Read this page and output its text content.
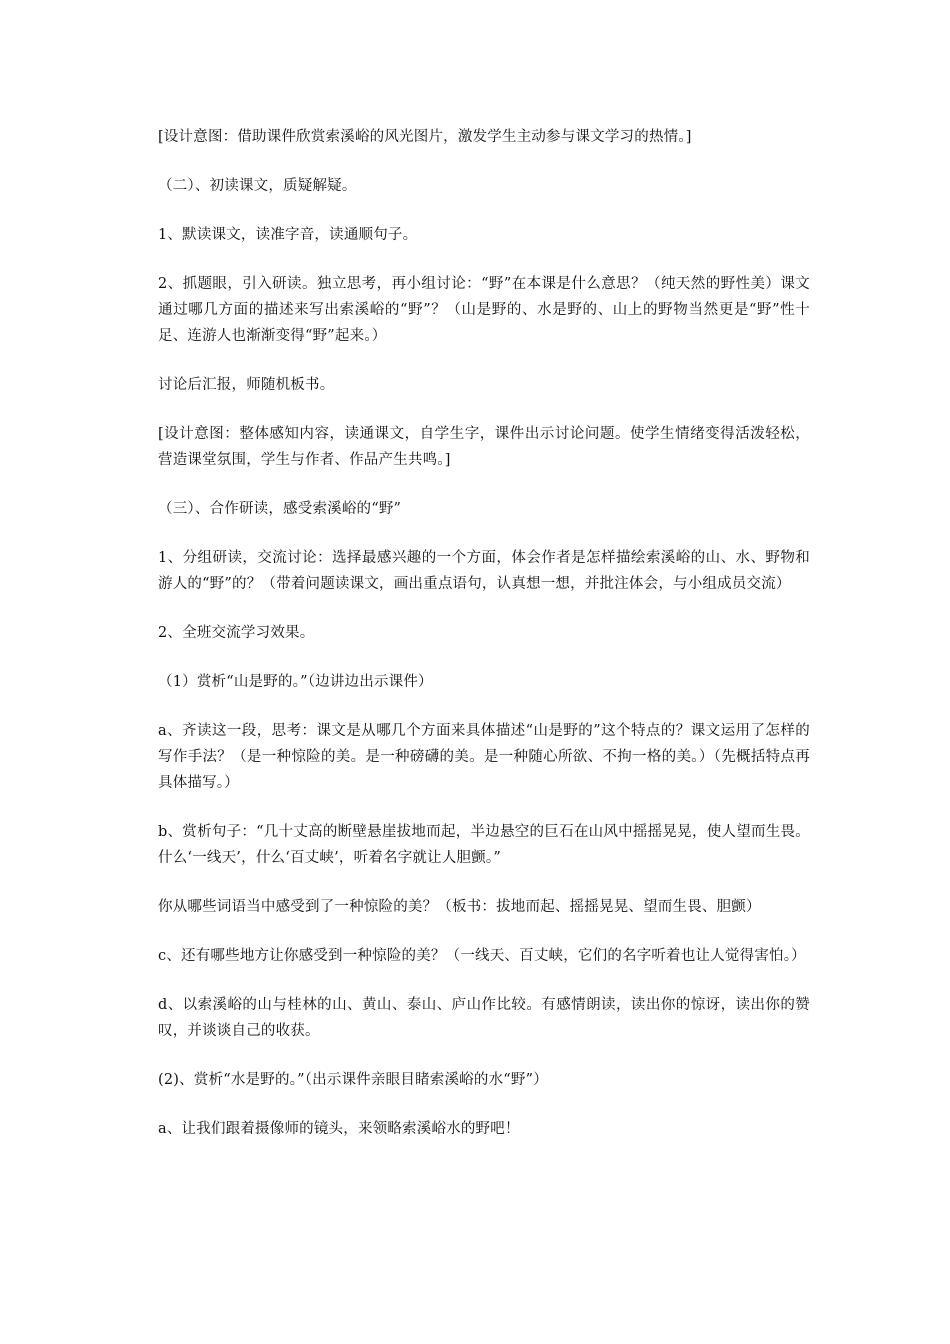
[设计意图：借助课件欣赏索溪峪的风光图片，激发学生主动参与课文学习的热情。]

（二）、初读课文，质疑解疑。

1、默读课文，读准字音，读通顺句子。

2、抓题眼，引入研读。独立思考，再小组讨论：“野”在本课是什么意思？（纯天然的野性美）课文通过哪几方面的描述来写出索溪峪的“野”？（山是野的、水是野的、山上的野物当然更是“野”性十足、连游人也渐渐变得“野”起来。）

讨论后汇报，师随机板书。

[设计意图：整体感知内容，读通课文，自学生字，课件出示讨论问题。使学生情绪变得活泼轻松，营造课堂氛围，学生与作者、作品产生共鸣。]

（三）、合作研读，感受索溪峪的“野”

1、分组研读，交流讨论：选择最感兴趣的一个方面，体会作者是怎样描绘索溪峪的山、水、野物和游人的“野”的？（带着问题读课文，画出重点语句，认真想一想，并批注体会，与小组成员交流）

2、全班交流学习效果。

（1）赏析“山是野的。”（边讲边出示课件）

a、齐读这一段，思考：课文是从哪几个方面来具体描述“山是野的”这个特点的？课文运用了怎样的写作手法？（是一种惊险的美。是一种磅礴的美。是一种随心所欲、不拘一格的美。）（先概括特点再具体描写。）

b、赏析句子：“几十丈高的断壁悬崖拔地而起，半边悬空的巨石在山风中摇摇晃晃，使人望而生畏。什么‘一线天’，什么‘百丈峡’，听着名字就让人胆颤。”

你从哪些词语当中感受到了一种惊险的美？（板书：拔地而起、摇摇晃晃、望而生畏、胆颤）

c、还有哪些地方让你感受到一种惊险的美？（一线天、百丈峡，它们的名字听着也让人觉得害怕。）

d、以索溪峪的山与桂林的山、黄山、泰山、庐山作比较。有感情朗读，读出你的惊讶，读出你的赞叹，并谈谈自己的收获。

(2)、赏析“水是野的。”（出示课件亲眼目睹索溪峪的水“野”）

a、让我们跟着摄像师的镜头，来领略索溪峪水的野吧！
